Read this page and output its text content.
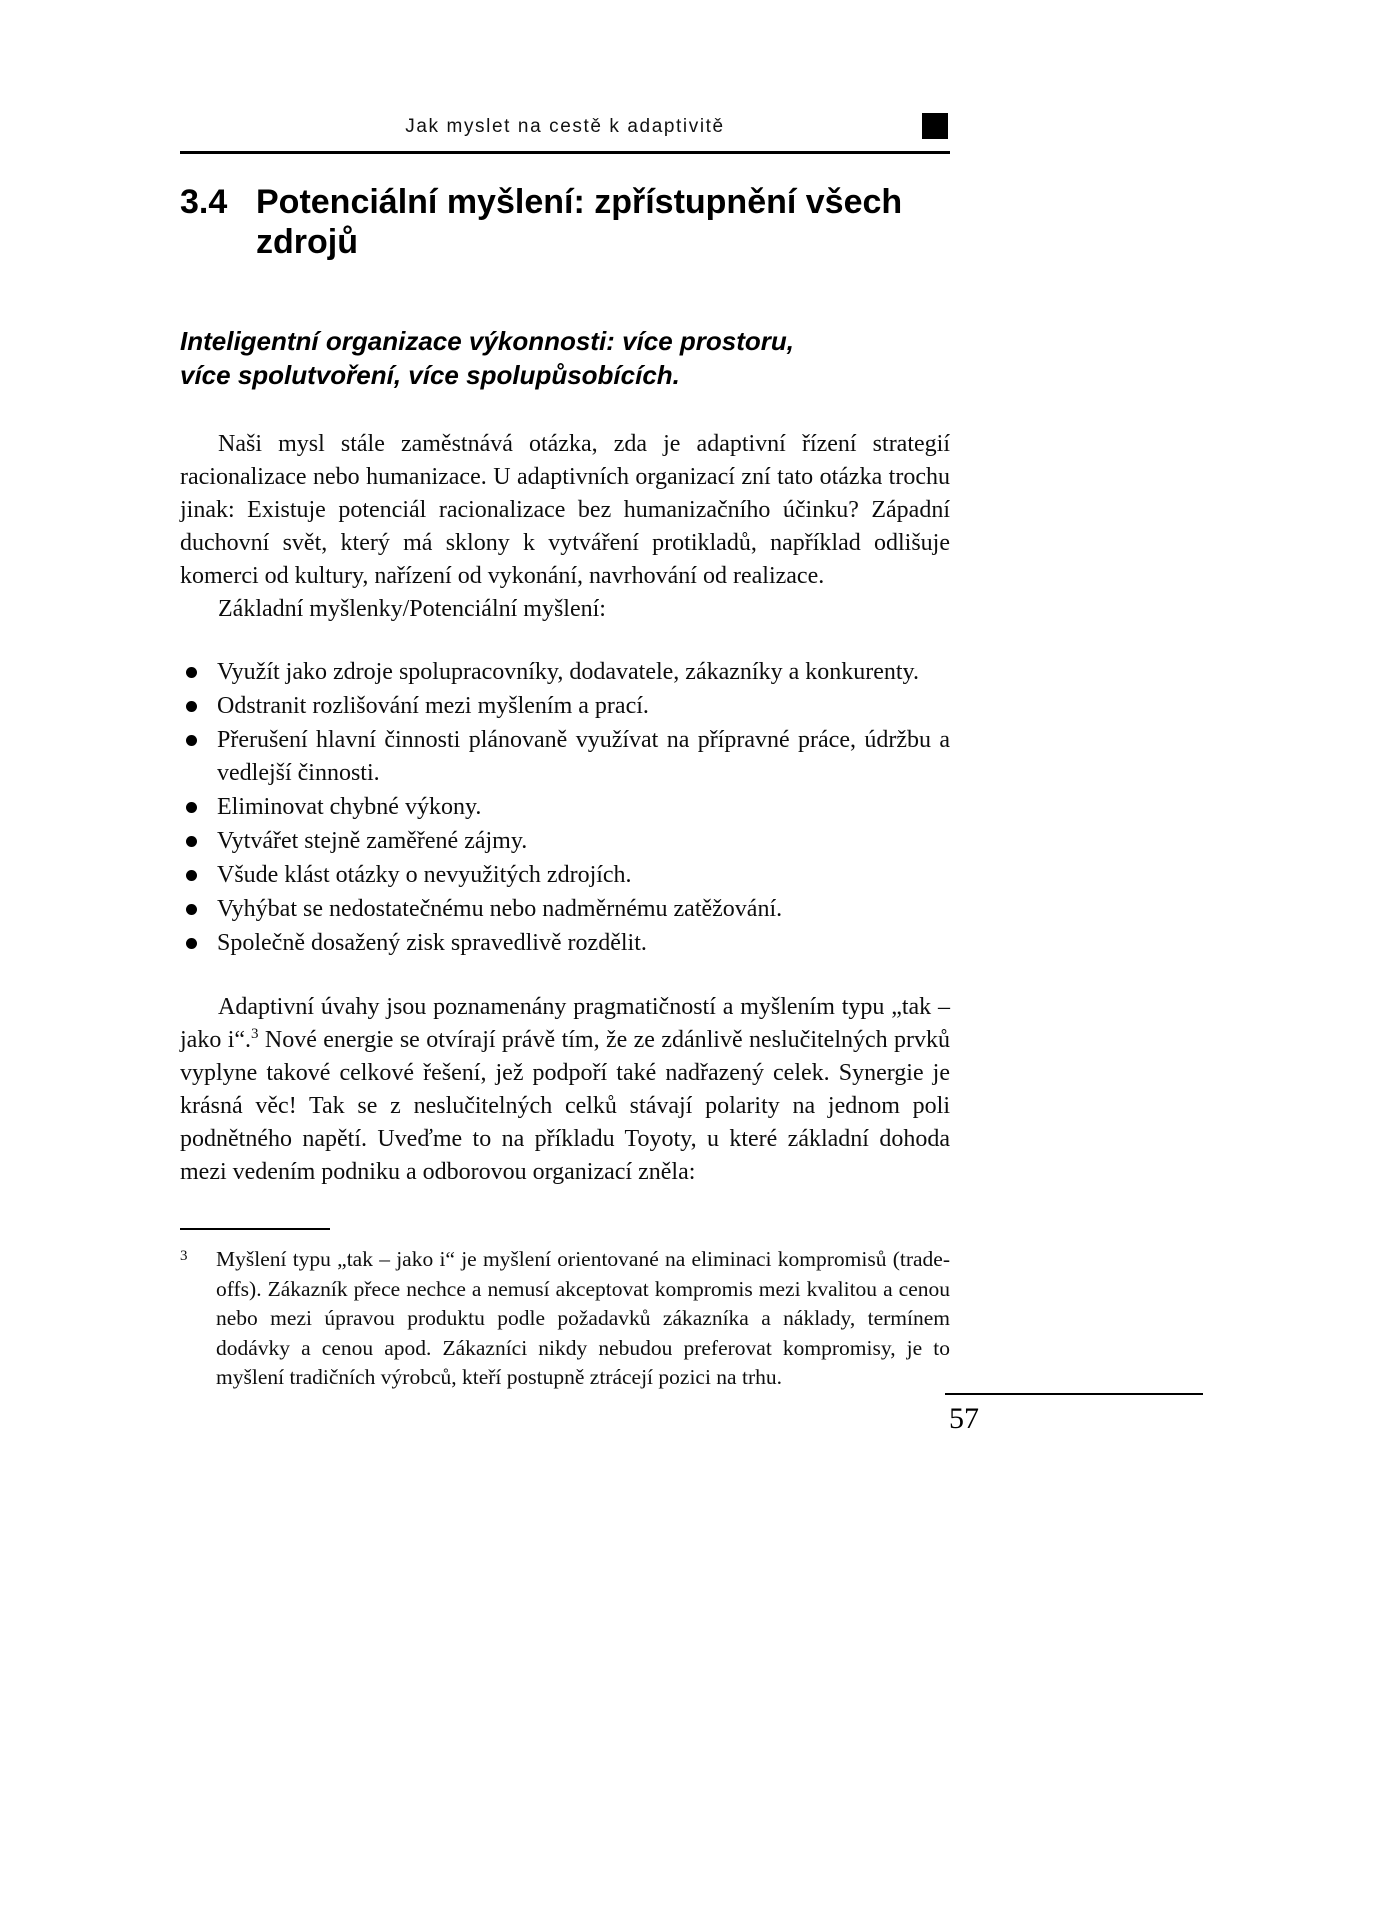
Jak myslet na cestě k adaptivitě
3.4 Potenciální myšlení: zpřístupnění všech zdrojů
Inteligentní organizace výkonnosti: více prostoru,
více spolutvoření, více spolupůsobících.

Naši mysl stále zaměstnává otázka, zda je adaptivní řízení strategií racionalizace nebo humanizace. U adaptivních organizací zní tato otázka trochu jinak: Existuje potenciál racionalizace bez humanizačního účinku? Západní duchovní svět, který má sklony k vytváření protikladů, například odlišuje komerci od kultury, nařízení od vykonání, navrhování od realizace.

Základní myšlenky/Potenciální myšlení:

Využít jako zdroje spolupracovníky, dodavatele, zákazníky a konkurenty.
Odstranit rozlišování mezi myšlením a prací.
Přerušení hlavní činnosti plánovaně využívat na přípravné práce, údržbu a vedlejší činnosti.
Eliminovat chybné výkony.
Vytvářet stejně zaměřené zájmy.
Všude klást otázky o nevyužitých zdrojích.
Vyhýbat se nedostatečnému nebo nadměrnému zatěžování.
Společně dosažený zisk spravedlivě rozdělit.

Adaptivní úvahy jsou poznamenány pragmatičností a myšlením typu „tak – jako i“.$^3$ Nové energie se otvírají právě tím, že ze zdánlivě neslučitelných prvků vyplyne takové celkové řešení, jež podpoří také nadřazený celek. Synergie je krásná věc! Tak se z neslučitelných celků stávají polarity na jednom poli podnětného napětí. Uveďme to na příkladu Toyoty, u které základní dohoda mezi vedením podniku a odborovou organizací zněla:

3	Myšlení typu „tak – jako i“ je myšlení orientované na eliminaci kompromisů (trade-offs). Zákazník přece nechce a nemusí akceptovat kompromis mezi kvalitou a cenou nebo mezi úpravou produktu podle požadavků zákazníka a náklady, termínem dodávky a cenou apod. Zákazníci nikdy nebudou preferovat kompromisy, je to myšlení tradičních výrobců, kteří postupně ztrácejí pozici na trhu.

57
